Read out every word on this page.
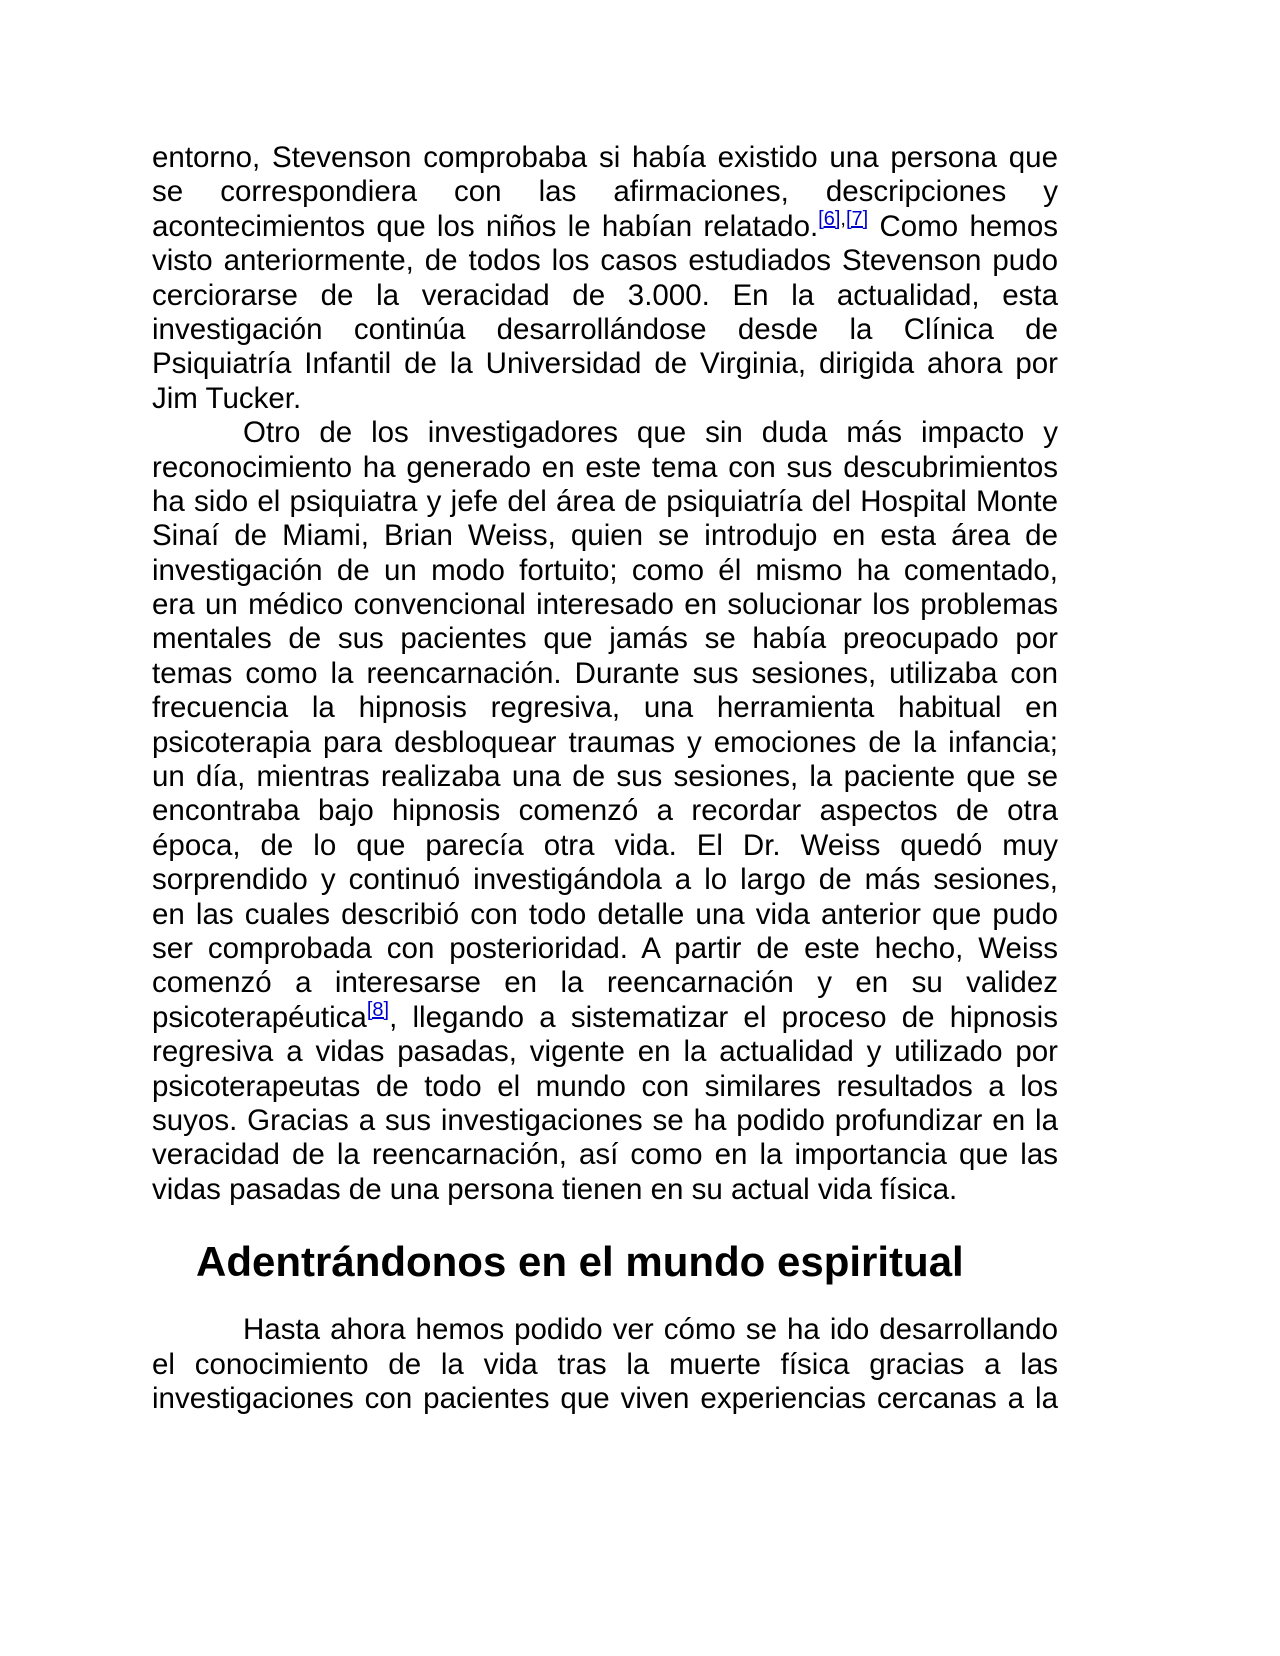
entorno, Stevenson comprobaba si había existido una persona que
se correspondiera con las afirmaciones, descripciones y
acontecimientos que los niños le habían relatado.[6],[7] Como hemos
visto anteriormente, de todos los casos estudiados Stevenson pudo
cerciorarse de la veracidad de 3.000. En la actualidad, esta
investigación continúa desarrollándose desde la Clínica de
Psiquiatría Infantil de la Universidad de Virginia, dirigida ahora por
Jim Tucker.
Otro de los investigadores que sin duda más impacto y
reconocimiento ha generado en este tema con sus descubrimientos
ha sido el psiquiatra y jefe del área de psiquiatría del Hospital Monte
Sinaí de Miami, Brian Weiss, quien se introdujo en esta área de
investigación de un modo fortuito; como él mismo ha comentado,
era un médico convencional interesado en solucionar los problemas
mentales de sus pacientes que jamás se había preocupado por
temas como la reencarnación. Durante sus sesiones, utilizaba con
frecuencia la hipnosis regresiva, una herramienta habitual en
psicoterapia para desbloquear traumas y emociones de la infancia;
un día, mientras realizaba una de sus sesiones, la paciente que se
encontraba bajo hipnosis comenzó a recordar aspectos de otra
época, de lo que parecía otra vida. El Dr. Weiss quedó muy
sorprendido y continuó investigándola a lo largo de más sesiones,
en las cuales describió con todo detalle una vida anterior que pudo
ser comprobada con posterioridad. A partir de este hecho, Weiss
comenzó a interesarse en la reencarnación y en su validez
psicoterapéutica[8], llegando a sistematizar el proceso de hipnosis
regresiva a vidas pasadas, vigente en la actualidad y utilizado por
psicoterapeutas de todo el mundo con similares resultados a los
suyos. Gracias a sus investigaciones se ha podido profundizar en la
veracidad de la reencarnación, así como en la importancia que las
vidas pasadas de una persona tienen en su actual vida física.
Adentrándonos en el mundo espiritual
Hasta ahora hemos podido ver cómo se ha ido desarrollando
el conocimiento de la vida tras la muerte física gracias a las
investigaciones con pacientes que viven experiencias cercanas a la
